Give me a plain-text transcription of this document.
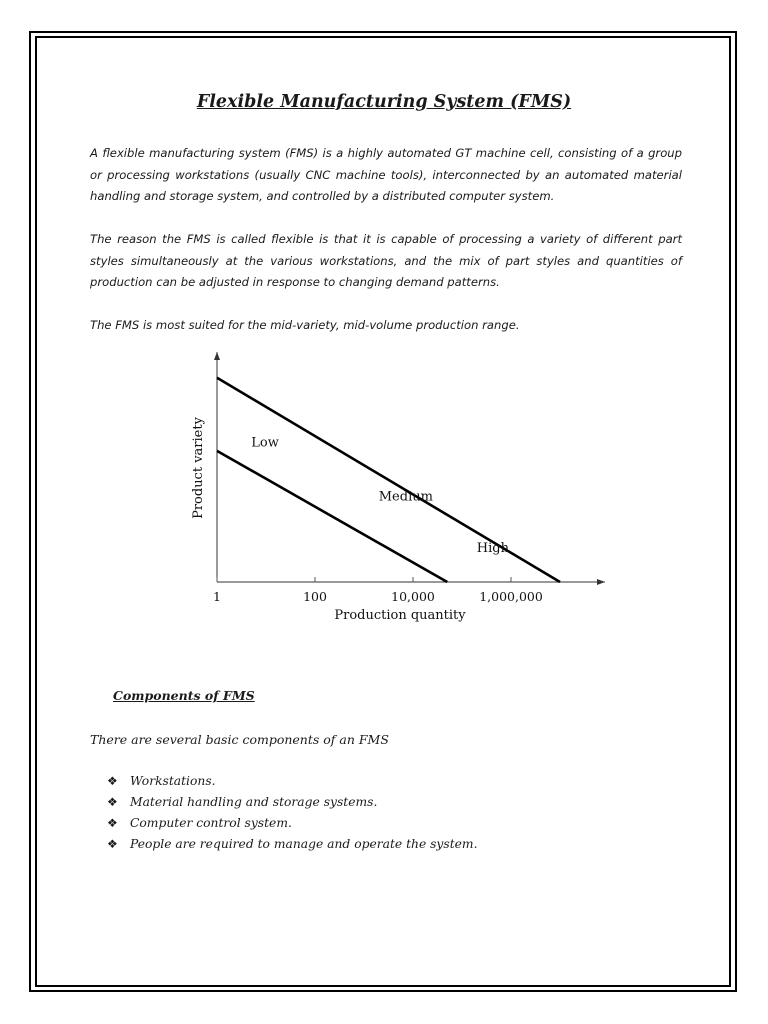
Flexible Manufacturing System (FMS)

A flexible manufacturing system (FMS) is a highly automated GT machine cell, consisting of a group or processing workstations (usually CNC machine tools), interconnected by an automated material handling and storage system, and controlled by a distributed computer system.

The reason the FMS is called flexible is that it is capable of processing a variety of different part styles simultaneously at the various workstations, and the mix of part styles and quantities of production can be adjusted in response to changing demand patterns.

The FMS is most suited for the mid-variety, mid-volume production range.

1	100	10,000	1,000,000
Low
Medium
High
Production quantity
Product variety

Components of FMS

There are several basic components of an FMS

❖ Workstations.
❖ Material handling and storage systems.
❖ Computer control system.
❖ People are required to manage and operate the system.
